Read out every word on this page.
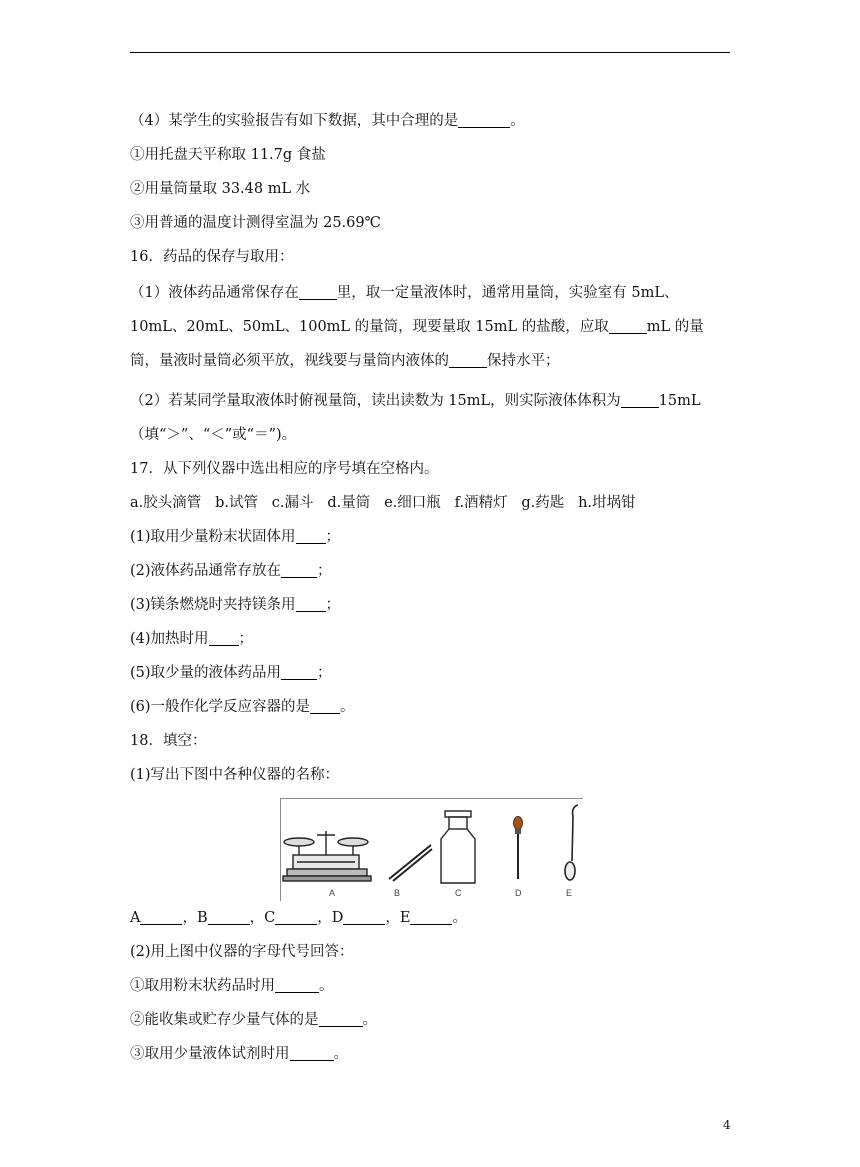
（4）某学生的实验报告有如下数据，其中合理的是	。

①用托盘天平称取 11.7g 食盐

②用量筒量取 33.48 mL 水

③用普通的温度计测得室温为 25.69℃

16．药品的保存与取用：

（1）液体药品通常保存在	里，取一定量液体时，通常用量筒，实验室有 5mL、10mL、20mL、50mL、100mL 的量筒，现要量取 15mL 的盐酸，应取	mL 的量筒，量液时量筒必须平放，视线要与量筒内液体的	保持水平；

（2）若某同学量取液体时俯视量筒，读出读数为 15mL，则实际液体体积为	15mL（填“＞”、“＜”或“＝”)。

17．从下列仪器中选出相应的序号填在空格内。

a.胶头滴管   b.试管   c.漏斗   d.量筒   e.细口瓶   f.酒精灯   g.药匙   h.坩埚钳

(1)取用少量粉末状固体用 ；

(2)液体药品通常存放在 ；

(3)镁条燃烧时夹持镁条用 ；

(4)加热时用 ；

(5)取少量的液体药品用 ；

(6)一般作化学反应容器的是 。

18．填空：

(1)写出下图中各种仪器的名称：

A	B	C	D	E

A	，B	，C	，D	，E	。

(2)用上图中仪器的字母代号回答：

①取用粉末状药品时用	。

②能收集或贮存少量气体的是	。

③取用少量液体试剂时用	。

4
